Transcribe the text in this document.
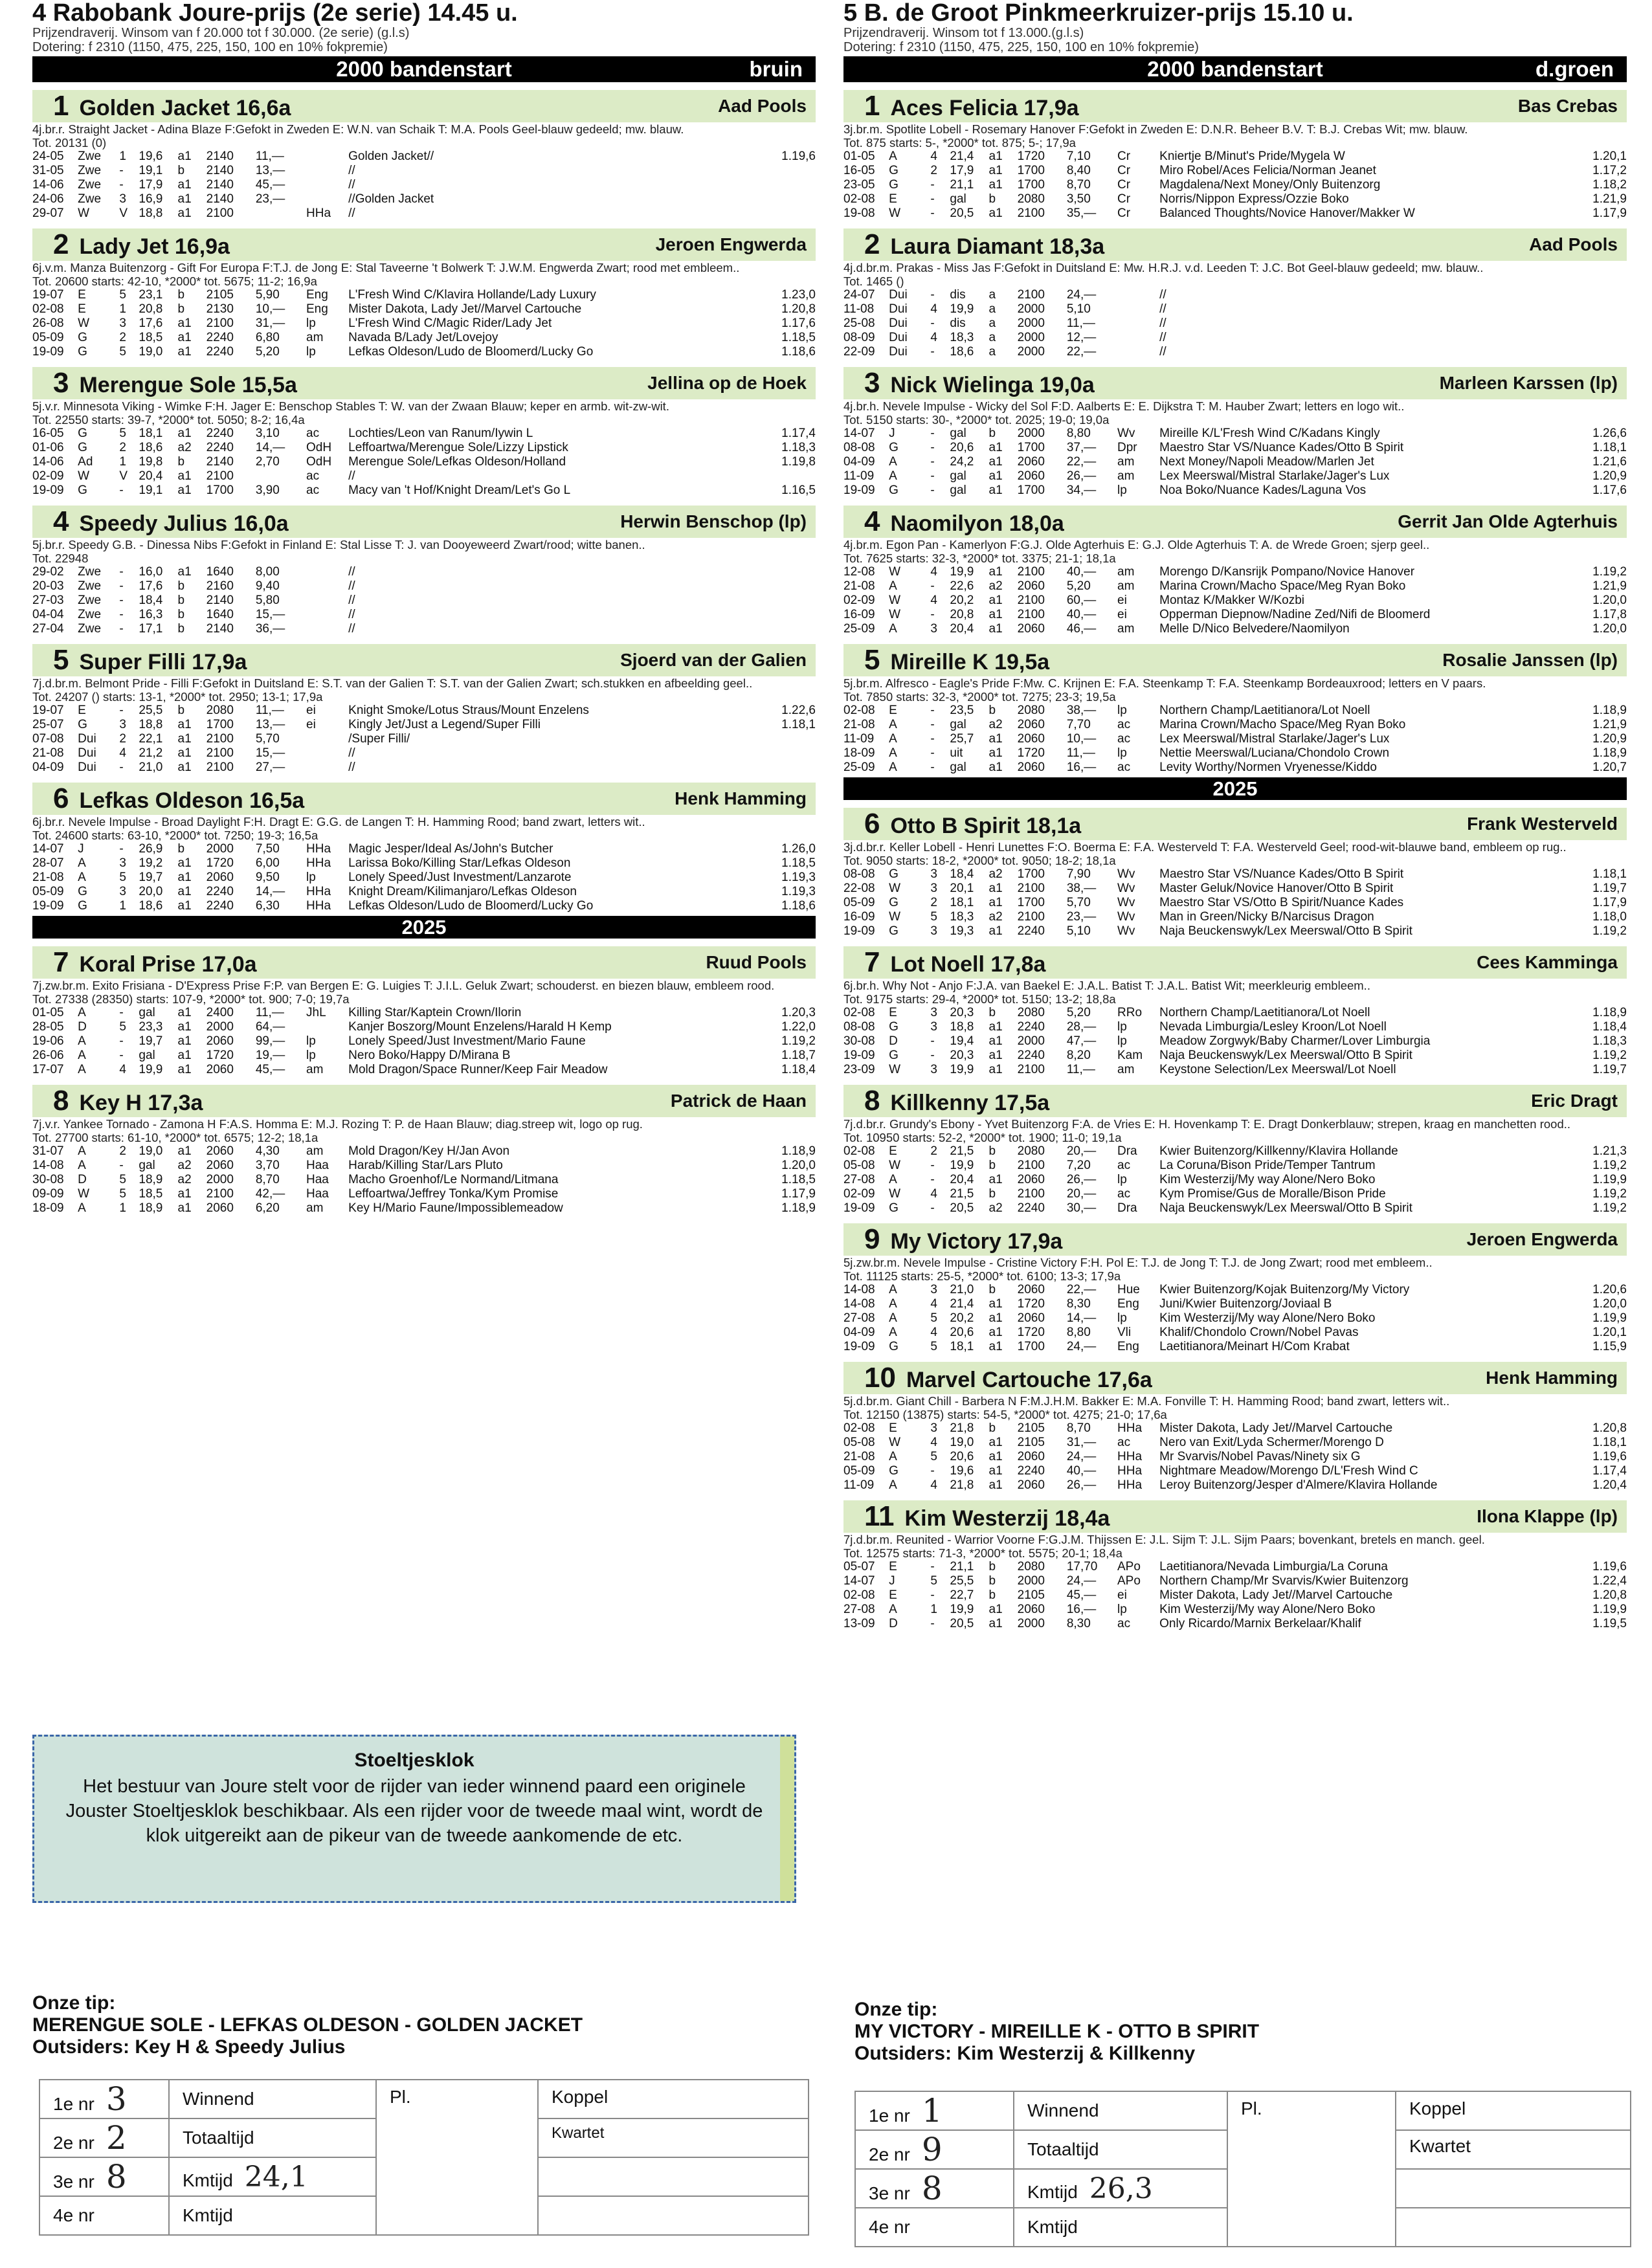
4 Rabobank Joure-prijs (2e serie) 14.45 u.
Prijzendraverij. Winsom van f 20.000 tot f 30.000. (2e serie) (g.l.s)
Dotering: f 2310 (1150, 475, 225, 150, 100 en 10% fokpremie)
2000 bandenstart	bruin
1 Golden Jacket 16,6a	Aad Pools
4j.br.r. Straight Jacket - Adina Blaze F:Gefokt in Zweden E: W.N. van Schaik T: M.A. Pools Geel-blauw gedeeld; mw. blauw.
Tot. 20131 (0)
24-05	Zwe	1	19,6	a1	2140	11,—		Golden Jacket//	1.19,6
31-05	Zwe	-	19,1	b	2140	13,—		//	
14-06	Zwe	-	17,9	a1	2140	45,—		//	
24-06	Zwe	3	16,9	a1	2140	23,—		//Golden Jacket	
29-07	W	V	18,8	a1	2100		HHa	//	
2 Lady Jet 16,9a	Jeroen Engwerda
6j.v.m. Manza Buitenzorg - Gift For Europa F:T.J. de Jong E: Stal Taveerne 't Bolwerk T: J.W.M. Engwerda Zwart; rood met embleem..
Tot. 20600 starts: 42-10, *2000* tot. 5675; 11-2; 16,9a
19-07	E	5	23,1	b	2105	5,90	Eng	L'Fresh Wind C/Klavira Hollande/Lady Luxury	1.23,0
02-08	E	1	20,8	b	2130	10,—	Eng	Mister Dakota, Lady Jet//Marvel Cartouche	1.20,8
26-08	W	3	17,6	a1	2100	31,—	lp	L'Fresh Wind C/Magic Rider/Lady Jet	1.17,6
05-09	G	2	18,5	a1	2240	6,80	am	Navada B/Lady Jet/Lovejoy	1.18,5
19-09	G	5	19,0	a1	2240	5,20	lp	Lefkas Oldeson/Ludo de Bloomerd/Lucky Go	1.18,6
3 Merengue Sole 15,5a	Jellina op de Hoek
5j.v.r. Minnesota Viking - Wimke F:H. Jager E: Benschop Stables T: W. van der Zwaan Blauw; keper en armb. wit-zw-wit.
Tot. 22550 starts: 39-7, *2000* tot. 5050; 8-2; 16,4a
16-05	G	5	18,1	a1	2240	3,10	ac	Lochties/Leon van Ranum/Iywin L	1.17,4
01-06	G	2	18,6	a2	2240	14,—	OdH	Leffoartwa/Merengue Sole/Lizzy Lipstick	1.18,3
14-06	Ad	1	19,8	b	2140	2,70	OdH	Merengue Sole/Lefkas Oldeson/Holland	1.19,8
02-09	W	V	20,4	a1	2100		ac	//	
19-09	G	-	19,1	a1	1700	3,90	ac	Macy van 't Hof/Knight Dream/Let's Go L	1.16,5
4 Speedy Julius 16,0a	Herwin Benschop (lp)
5j.br.r. Speedy G.B. - Dinessa Nibs F:Gefokt in Finland E: Stal Lisse T: J. van Dooyeweerd Zwart/rood; witte banen..
Tot. 22948
29-02	Zwe	-	16,0	a1	1640	8,00		//	
20-03	Zwe	-	17,6	b	2160	9,40		//	
27-03	Zwe	-	18,4	b	2140	5,80		//	
04-04	Zwe	-	16,3	b	1640	15,—		//	
27-04	Zwe	-	17,1	b	2140	36,—		//	
5 Super Filli 17,9a	Sjoerd van der Galien
7j.d.br.m. Belmont Pride - Filli F:Gefokt in Duitsland E: S.T. van der Galien T: S.T. van der Galien Zwart; sch.stukken en afbeelding geel..
Tot. 24207 () starts: 13-1, *2000* tot. 2950; 13-1; 17,9a
19-07	E	-	25,5	b	2080	11,—	ei	Knight Smoke/Lotus Straus/Mount Enzelens	1.22,6
25-07	G	3	18,8	a1	1700	13,—	ei	Kingly Jet/Just a Legend/Super Filli	1.18,1
07-08	Dui	2	22,1	a1	2100	5,70		/Super Filli/	
21-08	Dui	4	21,2	a1	2100	15,—		//	
04-09	Dui	-	21,0	a1	2100	27,—		//	
6 Lefkas Oldeson 16,5a	Henk Hamming
6j.br.r. Nevele Impulse - Broad Daylight F:H. Dragt E: G.G. de Langen T: H. Hamming Rood; band zwart, letters wit..
Tot. 24600 starts: 63-10, *2000* tot. 7250; 19-3; 16,5a
14-07	J	-	26,9	b	2000	7,50	HHa	Magic Jesper/Ideal As/John's Butcher	1.26,0
28-07	A	3	19,2	a1	1720	6,00	HHa	Larissa Boko/Killing Star/Lefkas Oldeson	1.18,5
21-08	A	5	19,7	a1	2060	9,50	lp	Lonely Speed/Just Investment/Lanzarote	1.19,3
05-09	G	3	20,0	a1	2240	14,—	HHa	Knight Dream/Kilimanjaro/Lefkas Oldeson	1.19,3
19-09	G	1	18,6	a1	2240	6,30	HHa	Lefkas Oldeson/Ludo de Bloomerd/Lucky Go	1.18,6
2025
7 Koral Prise 17,0a	Ruud Pools
7j.zw.br.m. Exito Frisiana - D'Express Prise F:P. van Bergen E: G. Luigies T: J.I.L. Geluk Zwart; schouderst. en biezen blauw, embleem rood.
Tot. 27338 (28350) starts: 107-9, *2000* tot. 900; 7-0; 19,7a
01-05	A	-	gal	a1	2400	11,—	JhL	Killing Star/Kaptein Crown/Ilorin	1.20,3
28-05	D	5	23,3	a1	2000	64,—		Kanjer Boszorg/Mount Enzelens/Harald H Kemp	1.22,0
19-06	A	-	19,7	a1	2060	99,—	lp	Lonely Speed/Just Investment/Mario Faune	1.19,2
26-06	A	-	gal	a1	1720	19,—	lp	Nero Boko/Happy D/Mirana B	1.18,7
17-07	A	4	19,9	a1	2060	45,—	am	Mold Dragon/Space Runner/Keep Fair Meadow	1.18,4
8 Key H 17,3a	Patrick de Haan
7j.v.r. Yankee Tornado - Zamona H F:A.S. Homma E: M.J. Rozing T: P. de Haan Blauw; diag.streep wit, logo op rug.
Tot. 27700 starts: 61-10, *2000* tot. 6575; 12-2; 18,1a
31-07	A	2	19,0	a1	2060	4,30	am	Mold Dragon/Key H/Jan Avon	1.18,9
14-08	A	-	gal	a2	2060	3,70	Haa	Harab/Killing Star/Lars Pluto	1.20,0
30-08	D	5	18,9	a2	2000	8,70	Haa	Macho Groenhof/Le Normand/Litmana	1.18,5
09-09	W	5	18,5	a1	2100	42,—	Haa	Leffoartwa/Jeffrey Tonka/Kym Promise	1.17,9
18-09	A	1	18,9	a1	2060	6,20	am	Key H/Mario Faune/Impossiblemeadow	1.18,9
5 B. de Groot Pinkmeerkruizer-prijs 15.10 u.
Prijzendraverij. Winsom tot f 13.000.(g.l.s)
Dotering: f 2310 (1150, 475, 225, 150, 100 en 10% fokpremie)
2000 bandenstart	d.groen
1 Aces Felicia 17,9a	Bas Crebas
3j.br.m. Spotlite Lobell - Rosemary Hanover F:Gefokt in Zweden E: D.N.R. Beheer B.V. T: B.J. Crebas Wit; mw. blauw.
Tot. 875 starts: 5-, *2000* tot. 875; 5-; 17,9a
01-05	A	4	21,4	a1	1720	7,10	Cr	Kniertje B/Minut's Pride/Mygela W	1.20,1
16-05	G	2	17,9	a1	1700	8,40	Cr	Miro Robel/Aces Felicia/Norman Jeanet	1.17,2
23-05	G	-	21,1	a1	1700	8,70	Cr	Magdalena/Next Money/Only Buitenzorg	1.18,2
02-08	E	-	gal	b	2080	3,50	Cr	Norris/Nippon Express/Ozzie Boko	1.21,9
19-08	W	-	20,5	a1	2100	35,—	Cr	Balanced Thoughts/Novice Hanover/Makker W	1.17,9
2 Laura Diamant 18,3a	Aad Pools
4j.d.br.m. Prakas - Miss Jas F:Gefokt in Duitsland E: Mw. H.R.J. v.d. Leeden T: J.C. Bot Geel-blauw gedeeld; mw. blauw..
Tot. 1465 ()
24-07	Dui	-	dis	a	2100	24,—		//	
11-08	Dui	4	19,9	a	2000	5,10		//	
25-08	Dui	-	dis	a	2000	11,—		//	
08-09	Dui	4	18,3	a	2000	12,—		//	
22-09	Dui	-	18,6	a	2000	22,—		//	
3 Nick Wielinga 19,0a	Marleen Karssen (lp)
4j.br.h. Nevele Impulse - Wicky del Sol F:D. Aalberts E: E. Dijkstra T: M. Hauber Zwart; letters en logo wit..
Tot. 5150 starts: 30-, *2000* tot. 2025; 19-0; 19,0a
14-07	J	-	gal	b	2000	8,80	Wv	Mireille K/L'Fresh Wind C/Kadans Kingly	1.26,6
08-08	G	-	20,6	a1	1700	37,—	Dpr	Maestro Star VS/Nuance Kades/Otto B Spirit	1.18,1
04-09	A	-	24,2	a1	2060	22,—	am	Next Money/Napoli Meadow/Marlen Jet	1.21,6
11-09	A	-	gal	a1	2060	26,—	am	Lex Meerswal/Mistral Starlake/Jager's Lux	1.20,9
19-09	G	-	gal	a1	1700	34,—	lp	Noa Boko/Nuance Kades/Laguna Vos	1.17,6
4 Naomilyon 18,0a	Gerrit Jan Olde Agterhuis
4j.br.m. Egon Pan - Kamerlyon F:G.J. Olde Agterhuis E: G.J. Olde Agterhuis T: A. de Wrede Groen; sjerp geel..
Tot. 7625 starts: 32-3, *2000* tot. 3375; 21-1; 18,1a
12-08	W	4	19,9	a1	2100	40,—	am	Morengo D/Kansrijk Pompano/Novice Hanover	1.19,2
21-08	A	-	22,6	a2	2060	5,20	am	Marina Crown/Macho Space/Meg Ryan Boko	1.21,9
02-09	W	4	20,2	a1	2100	60,—	ei	Montaz K/Makker W/Kozbi	1.20,0
16-09	W	-	20,8	a1	2100	40,—	ei	Opperman Diepnow/Nadine Zed/Nifi de Bloomerd	1.17,8
25-09	A	3	20,4	a1	2060	46,—	am	Melle D/Nico Belvedere/Naomilyon	1.20,0
5 Mireille K 19,5a	Rosalie Janssen (lp)
5j.br.m. Alfresco - Eagle's Pride F:Mw. C. Krijnen E: F.A. Steenkamp T: F.A. Steenkamp Bordeauxrood; letters en V paars.
Tot. 7850 starts: 32-3, *2000* tot. 7275; 23-3; 19,5a
02-08	E	-	23,5	b	2080	38,—	lp	Northern Champ/Laetitianora/Lot Noell	1.18,9
21-08	A	-	gal	a2	2060	7,70	ac	Marina Crown/Macho Space/Meg Ryan Boko	1.21,9
11-09	A	-	25,7	a1	2060	10,—	ac	Lex Meerswal/Mistral Starlake/Jager's Lux	1.20,9
18-09	A	-	uit	a1	1720	11,—	lp	Nettie Meerswal/Luciana/Chondolo Crown	1.18,9
25-09	A	-	gal	a1	2060	16,—	ac	Levity Worthy/Normen Vryenesse/Kiddo	1.20,7
2025
6 Otto B Spirit 18,1a	Frank Westerveld
3j.d.br.r. Keller Lobell - Henri Lunettes F:O. Boerma E: F.A. Westerveld T: F.A. Westerveld Geel; rood-wit-blauwe band, embleem op rug..
Tot. 9050 starts: 18-2, *2000* tot. 9050; 18-2; 18,1a
08-08	G	3	18,4	a2	1700	7,90	Wv	Maestro Star VS/Nuance Kades/Otto B Spirit	1.18,1
22-08	W	3	20,1	a1	2100	38,—	Wv	Master Geluk/Novice Hanover/Otto B Spirit	1.19,7
05-09	G	2	18,1	a1	1700	5,70	Wv	Maestro Star VS/Otto B Spirit/Nuance Kades	1.17,9
16-09	W	5	18,3	a2	2100	23,—	Wv	Man in Green/Nicky B/Narcisus Dragon	1.18,0
19-09	G	3	19,3	a1	2240	5,10	Wv	Naja Beuckenswyk/Lex Meerswal/Otto B Spirit	1.19,2
7 Lot Noell 17,8a	Cees Kamminga
6j.br.h. Why Not - Anjo F:J.A. van Baekel E: J.A.L. Batist T: J.A.L. Batist Wit; meerkleurig embleem..
Tot. 9175 starts: 29-4, *2000* tot. 5150; 13-2; 18,8a
02-08	E	3	20,3	b	2080	5,20	RRo	Northern Champ/Laetitianora/Lot Noell	1.18,9
08-08	G	3	18,8	a1	2240	28,—	lp	Nevada Limburgia/Lesley Kroon/Lot Noell	1.18,4
30-08	D	-	19,4	a1	2000	47,—	lp	Meadow Zorgwyk/Baby Charmer/Lover Limburgia	1.18,3
19-09	G	-	20,3	a1	2240	8,20	Kam	Naja Beuckenswyk/Lex Meerswal/Otto B Spirit	1.19,2
23-09	W	3	19,9	a1	2100	11,—	am	Keystone Selection/Lex Meerswal/Lot Noell	1.19,7
8 Killkenny 17,5a	Eric Dragt
7j.d.br.r. Grundy's Ebony - Yvet Buitenzorg F:A. de Vries E: H. Hovenkamp T: E. Dragt Donkerblauw; strepen, kraag en manchetten rood..
Tot. 10950 starts: 52-2, *2000* tot. 1900; 11-0; 19,1a
02-08	E	2	21,5	b	2080	20,—	Dra	Kwier Buitenzorg/Killkenny/Klavira Hollande	1.21,3
05-08	W	-	19,9	b	2100	7,20	ac	La Coruna/Bison Pride/Temper Tantrum	1.19,2
27-08	A	-	20,4	a1	2060	26,—	lp	Kim Westerzij/My way Alone/Nero Boko	1.19,9
02-09	W	4	21,5	b	2100	20,—	ac	Kym Promise/Gus de Moralle/Bison Pride	1.19,2
19-09	G	-	20,5	a2	2240	30,—	Dra	Naja Beuckenswyk/Lex Meerswal/Otto B Spirit	1.19,2
9 My Victory 17,9a	Jeroen Engwerda
5j.zw.br.m. Nevele Impulse - Cristine Victory F:H. Pol E: T.J. de Jong T: T.J. de Jong Zwart; rood met embleem..
Tot. 11125 starts: 25-5, *2000* tot. 6100; 13-3; 17,9a
14-08	A	3	21,0	b	2060	22,—	Hue	Kwier Buitenzorg/Kojak Buitenzorg/My Victory	1.20,6
14-08	A	4	21,4	a1	1720	8,30	Eng	Juni/Kwier Buitenzorg/Joviaal B	1.20,0
27-08	A	5	20,2	a1	2060	14,—	lp	Kim Westerzij/My way Alone/Nero Boko	1.19,9
04-09	A	4	20,6	a1	1720	8,80	Vli	Khalif/Chondolo Crown/Nobel Pavas	1.20,1
19-09	G	5	18,1	a1	1700	24,—	Eng	Laetitianora/Meinart H/Com Krabat	1.15,9
10 Marvel Cartouche 17,6a	Henk Hamming
5j.d.br.m. Giant Chill - Barbera N F:M.J.H.M. Bakker E: M.A. Fonville T: H. Hamming Rood; band zwart, letters wit..
Tot. 12150 (13875) starts: 54-5, *2000* tot. 4275; 21-0; 17,6a
02-08	E	3	21,8	b	2105	8,70	HHa	Mister Dakota, Lady Jet//Marvel Cartouche	1.20,8
05-08	W	4	19,0	a1	2105	31,—	ac	Nero van Exit/Lyda Schermer/Morengo D	1.18,1
21-08	A	5	20,6	a1	2060	24,—	HHa	Mr Svarvis/Nobel Pavas/Ninety six G	1.19,6
05-09	G	-	19,6	a1	2240	40,—	HHa	Nightmare Meadow/Morengo D/L'Fresh Wind C	1.17,4
11-09	A	4	21,8	a1	2060	26,—	HHa	Leroy Buitenzorg/Jesper d'Almere/Klavira Hollande	1.20,4
11 Kim Westerzij 18,4a	Ilona Klappe (lp)
7j.d.br.m. Reunited - Warrior Voorne F:G.J.M. Thijssen E: J.L. Sijm T: J.L. Sijm Paars; bovenkant, bretels en manch. geel.
Tot. 12575 starts: 71-3, *2000* tot. 5575; 20-1; 18,4a
05-07	E	-	21,1	b	2080	17,70	APo	Laetitianora/Nevada Limburgia/La Coruna	1.19,6
14-07	J	5	25,5	b	2000	24,—	APo	Northern Champ/Mr Svarvis/Kwier Buitenzorg	1.22,4
02-08	E	-	22,7	b	2105	45,—	ei	Mister Dakota, Lady Jet//Marvel Cartouche	1.20,8
27-08	A	1	19,9	a1	2060	16,—	lp	Kim Westerzij/My way Alone/Nero Boko	1.19,9
13-09	D	-	20,5	a1	2000	8,30	ac	Only Ricardo/Marnix Berkelaar/Khalif	1.19,5
Stoeltjesklok
Het bestuur van Joure stelt voor de rijder van ieder winnend paard een originele Jouster Stoeltjesklok beschikbaar. Als een rijder voor de tweede maal wint, wordt de klok uitgereikt aan de pikeur van de tweede aankomende de etc.
Onze tip:
MERENGUE SOLE - LEFKAS OLDESON - GOLDEN JACKET
Outsiders: Key H & Speedy Julius
Onze tip:
MY VICTORY - MIREILLE K - OTTO B SPIRIT
Outsiders: Kim Westerzij & Killkenny
1e nr 3	Winnend	Pl.	Koppel
2e nr 2	Totaaltijd		Kwartet
3e nr 8	Kmtijd 24,1		
4e nr	Kmtijd		
1e nr 1	Winnend	Pl.	Koppel
2e nr 9	Totaaltijd		Kwartet
3e nr 8	Kmtijd 26,3		
4e nr	Kmtijd		
